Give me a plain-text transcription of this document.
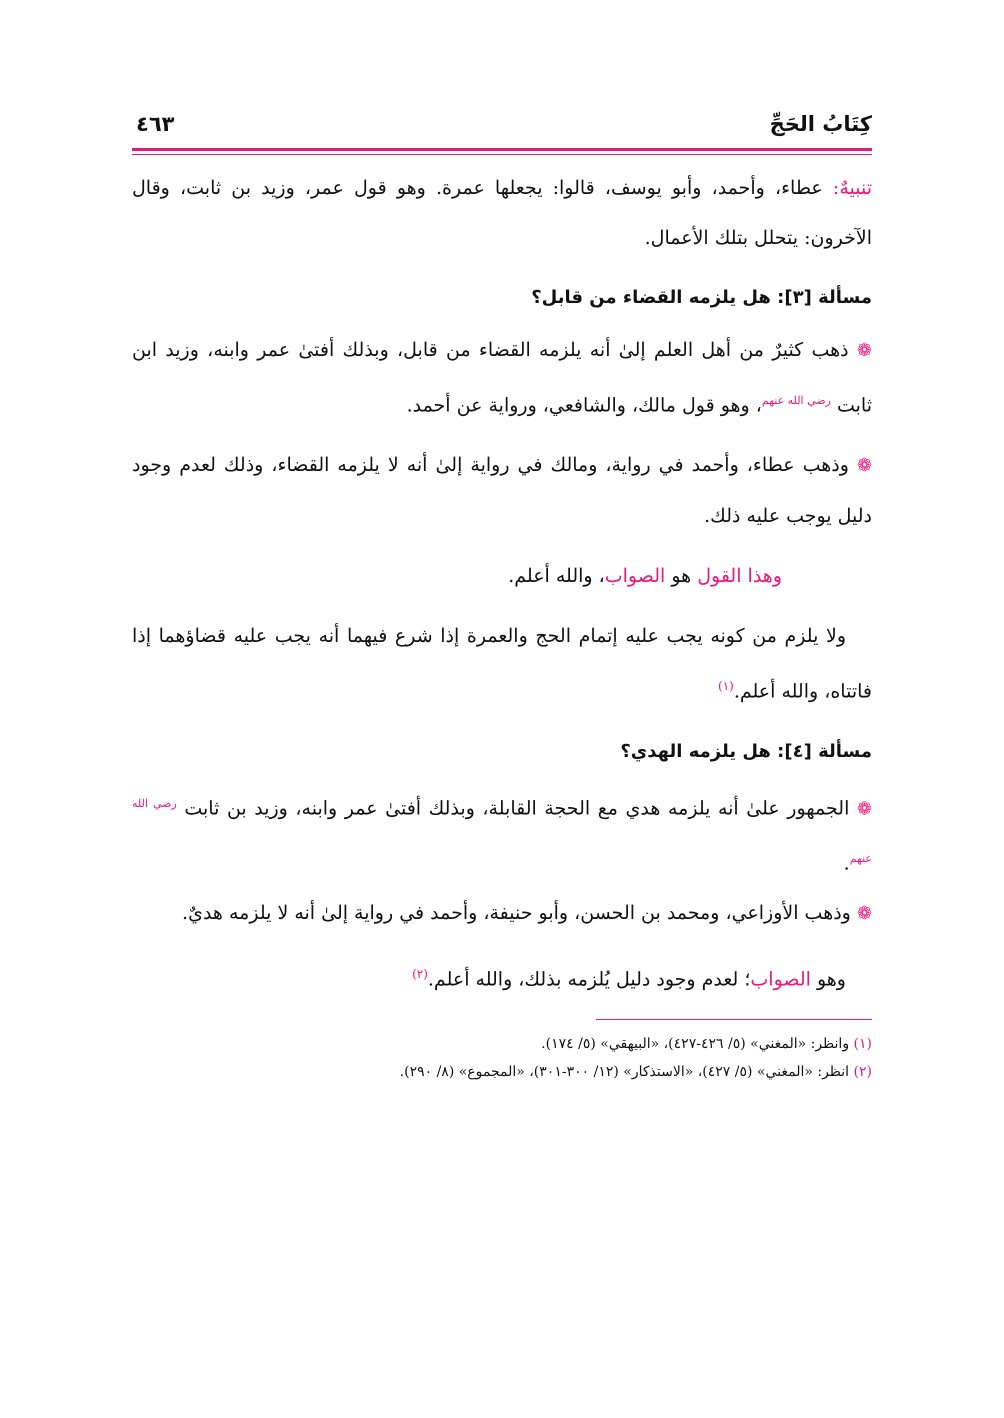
كِتَابُ الحَجِّ
٤٦٣

تنبيهٌ: عطاء، وأحمد، وأبو يوسف، قالوا: يجعلها عمرة. وهو قول عمر، وزيد بن ثابت، وقال الآخرون: يتحلل بتلك الأعمال.

مسألة [٣]: هل يلزمه القضاء من قابل؟

❁ ذهب كثيرٌ من أهل العلم إلىٰ أنه يلزمه القضاء من قابل، وبذلك أفتىٰ عمر وابنه، وزيد ابن ثابت $^{رضي الله عنهم}$، وهو قول مالك، والشافعي، ورواية عن أحمد.

❁ وذهب عطاء، وأحمد في رواية، ومالك في رواية إلىٰ أنه لا يلزمه القضاء، وذلك لعدم وجود دليل يوجب عليه ذلك.

وهذا القول هو الصواب، والله أعلم.

ولا يلزم من كونه يجب عليه إتمام الحج والعمرة إذا شرع فيهما أنه يجب عليه قضاؤهما إذا فاتتاه، والله أعلم.$^{(١)}$

مسألة [٤]: هل يلزمه الهدي؟

❁ الجمهور علىٰ أنه يلزمه هدي مع الحجة القابلة، وبذلك أفتىٰ عمر وابنه، وزيد بن ثابت $^{رضي الله عنهم}$.

❁ وذهب الأوزاعي، ومحمد بن الحسن، وأبو حنيفة، وأحمد في رواية إلىٰ أنه لا يلزمه هديٌ.

وهو الصواب؛ لعدم وجود دليل يُلزمه بذلك، والله أعلم.$^{(٢)}$

(١) وانظر: «المغني» (٥/ ٤٢٦-٤٢٧)، «البيهقي» (٥/ ١٧٤).

(٢) انظر: «المغني» (٥/ ٤٢٧)، «الاستذكار» (١٢/ ٣٠٠-٣٠١)، «المجموع» (٨/ ٢٩٠).
